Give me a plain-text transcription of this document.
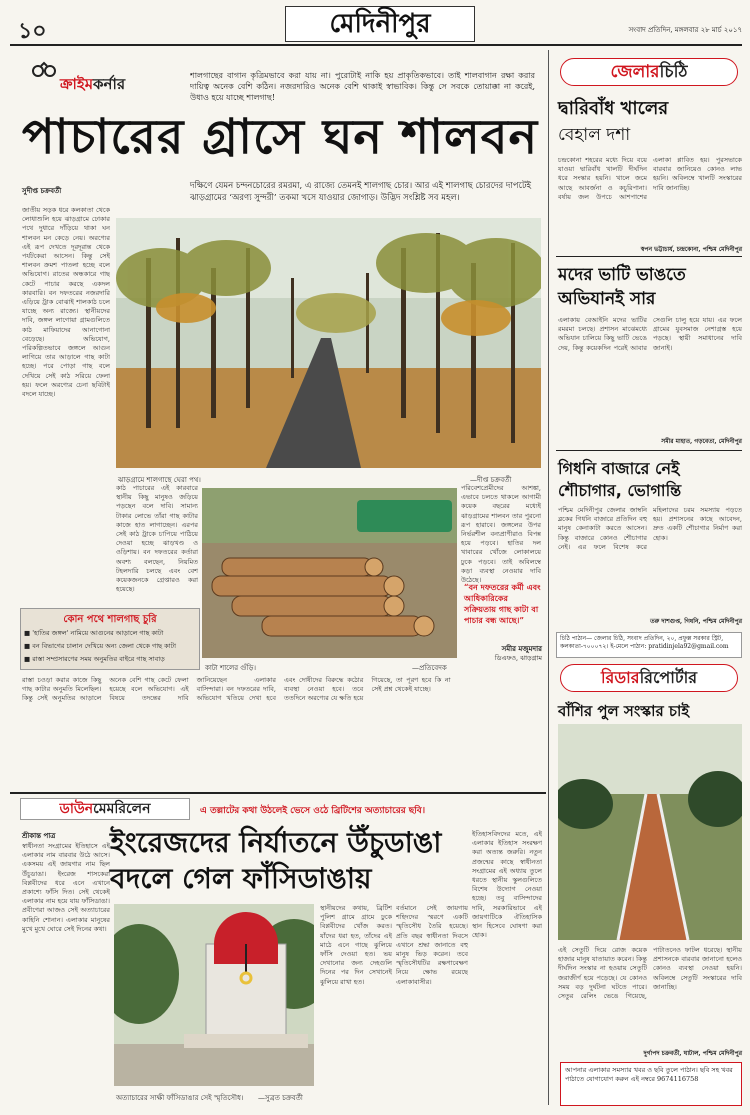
১০	মেদিনীপুর	সংবাদ প্রতিদিন, মঙ্গলবার ২৮ মার্চ ২০১৭
ক্রাইমকর্নার	শালগাছের বাগান কৃত্রিমভাবে করা যায় না। পুরোটাই নাকি হয় প্রাকৃতিকভাবে। তাই শালবাগান রক্ষা করার দায়িত্ব অনেক বেশি কঠিন। নজরদারিও অনেক বেশি থাকাই স্বাভাবিক। কিন্তু সে সবকে তোয়াক্কা না করেই, উধাও হয়ে যাচ্ছে শালগাছ!
পাচারের গ্রাসে ঘন শালবন
সুদীপ্ত চক্রবর্তী	দক্ষিণে যেমন চন্দনচোরের রমরমা, এ রাজ্যে তেমনই শালগাছ চোর। আর এই শালগাছ চোরদের দাপটেই ঝাড়গ্রামের ‘অরণ্য সুন্দরী’ তকমা খসে যাওয়ার জোগাড়। উদ্ভিদ সংশ্লিষ্ট সব মহল।
জাতীয় সড়ক ধরে কলকাতা থেকে লোধাশুলি হয়ে ঝাড়গ্রামে ঢোকার পথে দুধারে দাঁড়িয়ে থাকা ঘন শালবন মন কেড়ে নেয়। অরণ্যের এই রূপ দেখতে দূরদূরান্ত থেকে পর্যটকেরা আসেন। কিন্তু সেই শালবন ক্রমশ পাতলা হচ্ছে বলে অভিযোগ। রাতের অন্ধকারে গাছ কেটে পাচার করছে একদল কারবারি। বন দফতরের নজরদারি এড়িয়ে ট্রাক বোঝাই শালকাঠ চলে যাচ্ছে অন্য রাজ্যে। স্থানীয়দের দাবি, জঙ্গল লাগোয়া গ্রামগুলিতে কাঠ মাফিয়াদের আনাগোনা বেড়েছে। অভিযোগ, পরিকল্পিতভাবে জঙ্গলে আগুন লাগিয়ে তার আড়ালে গাছ কাটা হচ্ছে। পরে পোড়া গাছ বলে দেখিয়ে সেই কাঠ সরিয়ে ফেলা হয়। ফলে অরণ্যের চেনা ছবিটাই বদলে যাচ্ছে।
ঝাড়গ্রামে শালগাছে ঘেরা পথ।	—দীপ্ত চক্রবর্তী
কাঠ পাচারের এই কারবারে স্থানীয় কিছু মানুষও জড়িয়ে পড়ছেন বলে দাবি। সামান্য টাকার লোভে তাঁরা গাছ কাটার কাজে হাত লাগাচ্ছেন। এরপর সেই কাঠ ট্রাকে চাপিয়ে পাঠিয়ে দেওয়া হচ্ছে ঝাড়খণ্ড ও ওড়িশায়। বন দফতরের কর্তারা অবশ্য বলছেন, নিয়মিত টহলদারি চলছে এবং বেশ কয়েকজনকে গ্রেপ্তারও করা হয়েছে।
কাটা শালের গুঁড়ি।	—প্রতিবেদক
পরিবেশপ্রেমীদের আশঙ্কা, এভাবে চলতে থাকলে আগামী কয়েক বছরের মধ্যেই ঝাড়গ্রামের শালবন তার পুরনো রূপ হারাবে। জঙ্গলের উপর নির্ভরশীল বন্যপ্রাণীরাও বিপন্ন হয়ে পড়বে। হাতির দল খাবারের খোঁজে লোকালয়ে ঢুকে পড়বে। তাই অবিলম্বে কড়া ব্যবস্থা নেওয়ার দাবি উঠেছে।
“বন দফতরের কর্মী এবং আধিকারিকের সক্রিয়তায় গাছ কাটা বা পাচার বন্ধ আছে।”
সমীর মজুমদার
ডিএফও, ঝাড়গ্রাম
কোন পথে শালগাছ চুরি
■ 'হাতির জঙ্গল' নামিয়ে আগুনের আড়ালে গাছ কাটা
■ বন বিভাগের চালান দেখিয়ে অন্য জেলা থেকে গাছ কাটা
■ রাস্তা সম্প্রসারণের সময় অনুমতির বাইরে গাছ সাবাড়
রাস্তা চওড়া করার কাজে কিছু গাছ কাটার অনুমতি মিলেছিল। কিন্তু সেই অনুমতির আড়ালে অনেক বেশি গাছ কেটে ফেলা হয়েছে বলে অভিযোগ। এই বিষয়ে তদন্তের দাবি জানিয়েছেন এলাকার বাসিন্দারা। বন দফতরের দাবি, অভিযোগ খতিয়ে দেখা হবে এবং দোষীদের বিরুদ্ধে কঠোর ব্যবস্থা নেওয়া হবে। তবে ততদিনে অরণ্যের যে ক্ষতি হয়ে গিয়েছে, তা পূরণ হবে কি না সেই প্রশ্ন থেকেই যাচ্ছে।
জেলারচিঠি
দ্বারিবাঁধ খালের
বেহাল দশা
চন্দ্রকোনা শহরের মধ্যে দিয়ে বয়ে যাওয়া দ্বারিবাঁধ খালটি দীর্ঘদিন ধরে সংস্কার হয়নি। খালে জমে আছে আবর্জনা ও কচুরিপানা। বর্ষায় জল উপচে আশপাশের এলাকা প্লাবিত হয়। পুরসভাকে বারবার জানিয়েও কোনও লাভ হয়নি। অবিলম্বে খালটি সংস্কারের দাবি জানাচ্ছি।
স্বপন ভট্টাচার্য, চন্দ্রকোনা, পশ্চিম মেদিনীপুর
মদের ভাটি ভাঙতে
অভিযানই সার
এলাকায় বেআইনি মদের ভাটির রমরমা চলছে। প্রশাসন মাঝেমধ্যে অভিযান চালিয়ে কিছু ভাটি ভেঙে দেয়, কিন্তু কয়েকদিন পরেই আবার সেগুলি চালু হয়ে যায়। এর ফলে গ্রামের যুবসমাজ নেশাগ্রস্ত হয়ে পড়ছে। স্থায়ী সমাধানের দাবি জানাই।
সমীর মাহাত, গড়বেতা, মেদিনীপুর
গিধনি বাজারে নেই
শৌচাগার, ভোগান্তি
পশ্চিম মেদিনীপুর জেলার জাম্বনি ব্লকের গিধনি বাজারে প্রতিদিন বহু মানুষ কেনাকাটা করতে আসেন। কিন্তু বাজারে কোনও শৌচাগার নেই। এর ফলে বিশেষ করে মহিলাদের চরম সমস্যায় পড়তে হয়। প্রশাসনের কাছে আবেদন, দ্রুত একটি শৌচাগার নির্মাণ করা হোক।
তরু দাশগুপ্ত, গিধনি, পশ্চিম মেদিনীপুর
চিঠি পাঠান— জেলার চিঠি, সংবাদ প্রতিদিন, ২০, প্রফুল্ল সরকার স্ট্রিট, কলকাতা-৭০০০৭২। ই-মেলে পাঠান: pratidinjela92@gmail.com
রিডাররিপোর্টার
বাঁশির পুল সংস্কার চাই
এই সেতুটি দিয়ে রোজ কয়েক হাজার মানুষ যাতায়াত করেন। কিন্তু দীর্ঘদিন সংস্কার না হওয়ায় সেতুটি জরাজীর্ণ হয়ে পড়েছে। যে কোনও সময় বড় দুর্ঘটনা ঘটতে পারে। সেতুর রেলিং ভেঙে গিয়েছে, পাটাতনেও ফাটল ধরেছে। স্থানীয় প্রশাসনকে বারবার জানানো হলেও কোনও ব্যবস্থা নেওয়া হয়নি। অবিলম্বে সেতুটি সংস্কারের দাবি জানাচ্ছি।
দুর্গাপদ চক্রবর্তী, ঘাটাল, পশ্চিম মেদিনীপুর
ডাউনমেমরিলেন	এ তল্লাটের কথা উঠলেই ভেসে ওঠে ব্রিটিশের অত্যাচারের ছবি।
ইংরেজদের নির্যাতনে উঁচুডাঙা
বদলে গেল ফাঁসিডাঙায়
শ্রীকান্ত পাত্র
স্বাধীনতা সংগ্রামের ইতিহাসে এই এলাকার নাম বারবার উঠে আসে। একসময় এই জায়গার নাম ছিল উঁচুডাঙা। ইংরেজ শাসকেরা বিপ্লবীদের ধরে এনে এখানে প্রকাশ্যে ফাঁসি দিত। সেই থেকেই এলাকার নাম হয়ে যায় ফাঁসিডাঙা। প্রবীণেরা আজও সেই অত্যাচারের কাহিনি শোনান। এলাকার মানুষের মুখে মুখে ঘোরে সেই দিনের কথা।
অত্যাচারের সাক্ষী ফাঁসিডাঙার সেই স্মৃতিসৌধ। —সুব্রত চক্রবর্তী
স্থানীয়দের কথায়, ব্রিটিশ পুলিশ গ্রামে গ্রামে ঢুকে বিপ্লবীদের খোঁজ করত। যাঁদের ধরা হত, তাঁদের এই মাঠে এনে গাছে ঝুলিয়ে ফাঁসি দেওয়া হত। ভয় দেখানোর জন্য দেহগুলি দিনের পর দিন সেখানেই ঝুলিয়ে রাখা হত।
বর্তমানে সেই জায়গায় শহিদদের স্মরণে একটি স্মৃতিসৌধ তৈরি হয়েছে। প্রতি বছর স্বাধীনতা দিবসে এখানে শ্রদ্ধা জানাতে বহু মানুষ ভিড় করেন। তবে স্মৃতিসৌধটির রক্ষণাবেক্ষণ নিয়ে ক্ষোভ রয়েছে এলাকাবাসীর।
ইতিহাসবিদদের মতে, এই এলাকার ইতিহাস সংরক্ষণ করা অত্যন্ত জরুরি। নতুন প্রজন্মের কাছে স্বাধীনতা সংগ্রামের এই অধ্যায় তুলে ধরতে স্থানীয় স্কুলগুলিতে বিশেষ উদ্যোগ নেওয়া হচ্ছে। তবু বাসিন্দাদের দাবি, সরকারিভাবে এই জায়গাটিকে ঐতিহাসিক স্থান হিসেবে ঘোষণা করা হোক।
আপনার এলাকার সমস্যার খবর ও ছবি তুলে পাঠান। ছবি সহ খবর পাঠাতে যোগাযোগ করুন এই নম্বরে 9674116758
